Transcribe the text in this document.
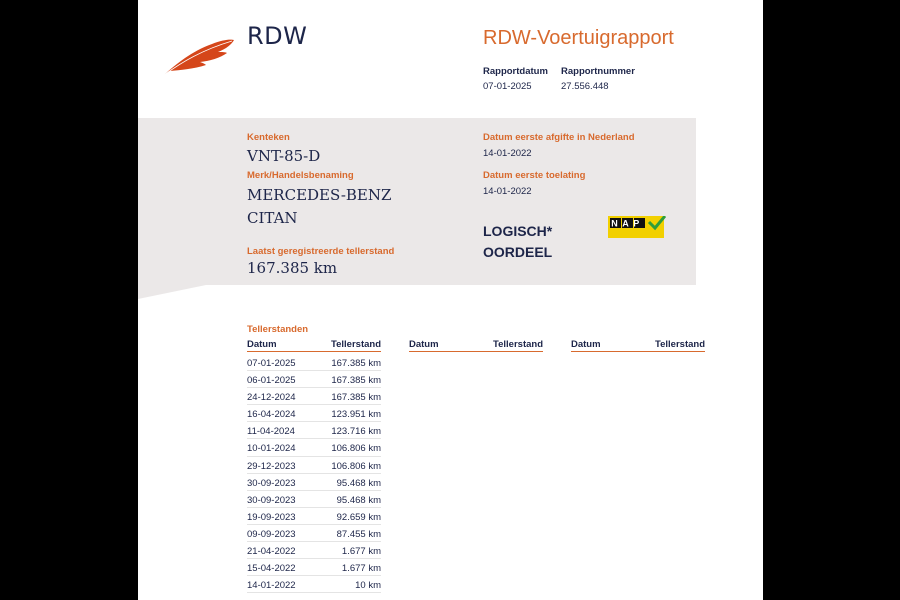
RDW	RDW-Voertuigrapport
Rapportdatum
07-01-2025
Rapportnummer
27.556.448
Kenteken
VNT-85-D
Merk/Handelsbenaming
MERCEDES-BENZ
CITAN
Laatst geregistreerde tellerstand
167.385 km
Datum eerste afgifte in Nederland
14-01-2022
Datum eerste toelating
14-01-2022
LOGISCH* OORDEEL
NAP
Tellerstanden
Datum	Tellerstand	Datum	Tellerstand	Datum	Tellerstand
07-01-2025	167.385 km
06-01-2025	167.385 km
24-12-2024	167.385 km
16-04-2024	123.951 km
11-04-2024	123.716 km
10-01-2024	106.806 km
29-12-2023	106.806 km
30-09-2023	95.468 km
30-09-2023	95.468 km
19-09-2023	92.659 km
09-09-2023	87.455 km
21-04-2022	1.677 km
15-04-2022	1.677 km
14-01-2022	10 km
